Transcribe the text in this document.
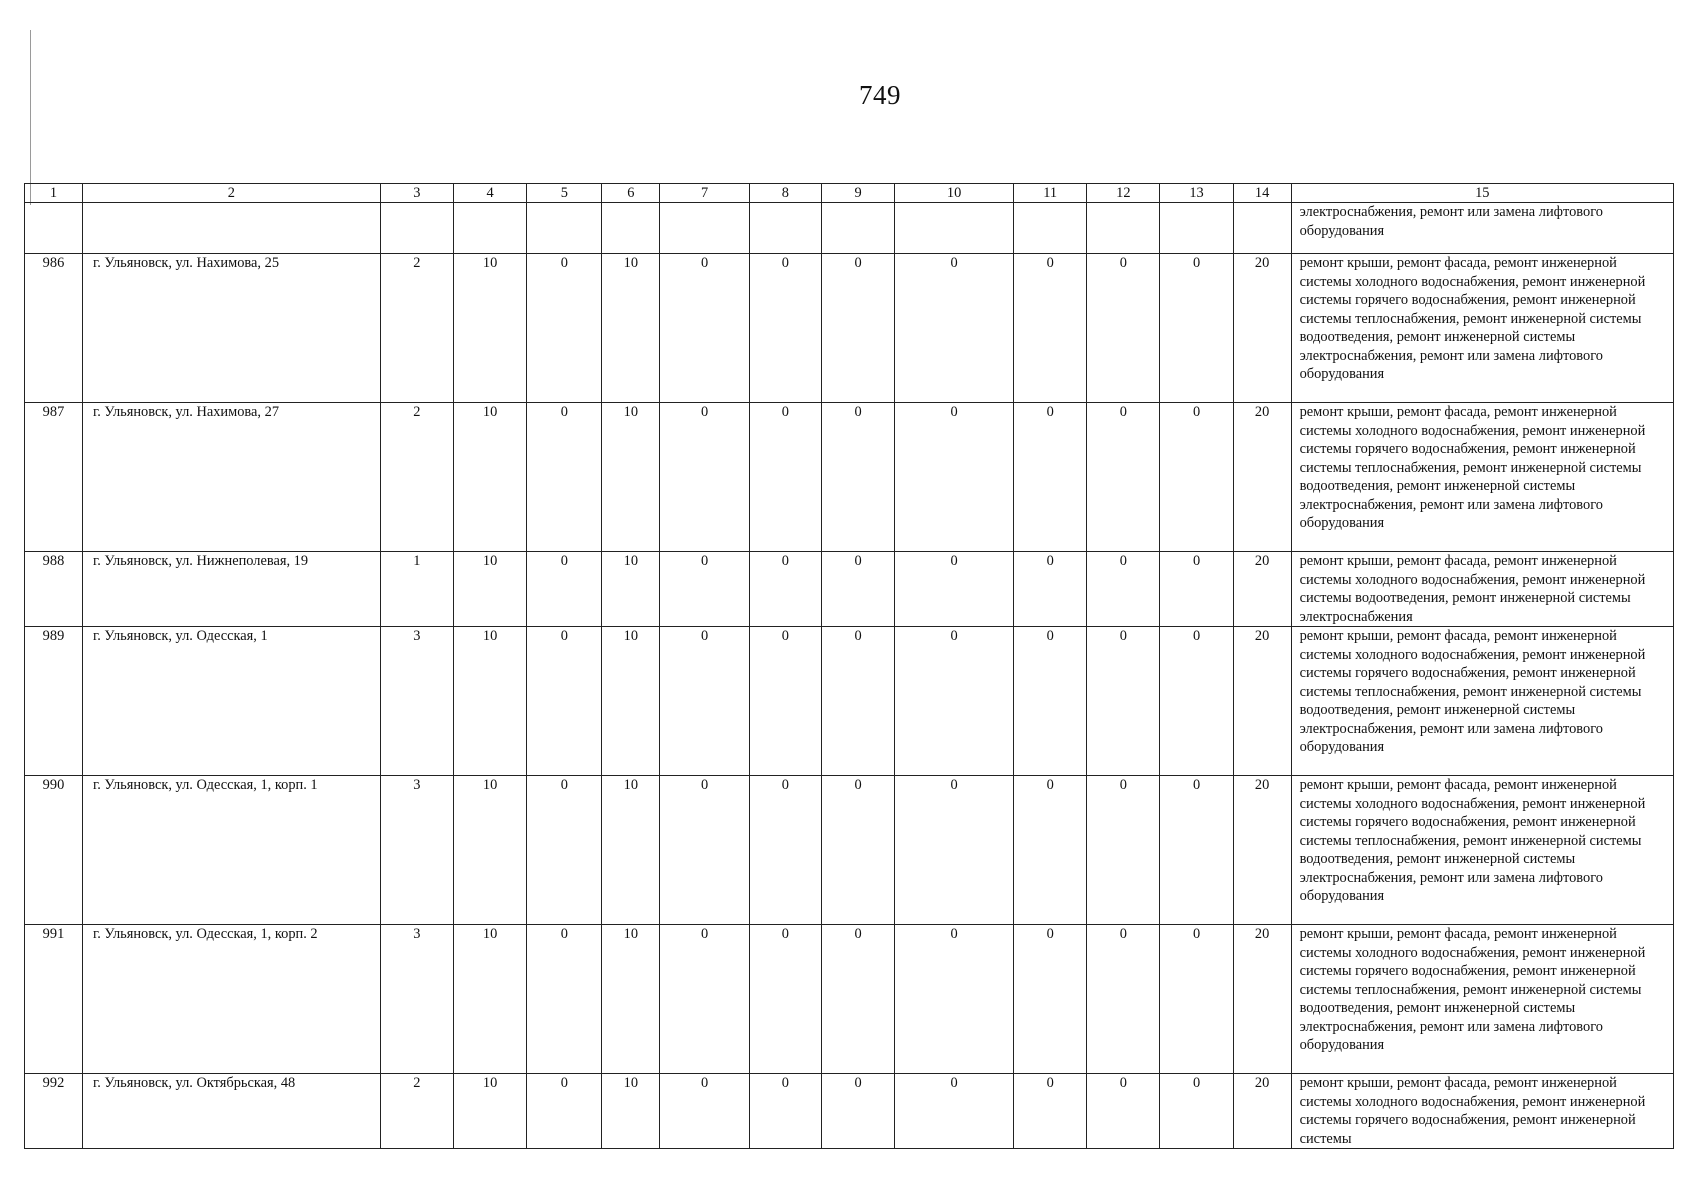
749
1	2	3	4	5	6	7	8	9	10	11	12	13	14	15
														электроснабжения, ремонт или замена лифтового оборудования
986	г. Ульяновск, ул. Нахимова, 25	2	10	0	10	0	0	0	0	0	0	0	20	ремонт крыши, ремонт фасада, ремонт инженерной системы холодного водоснабжения, ремонт инженерной системы горячего водоснабжения, ремонт инженерной системы теплоснабжения, ремонт инженерной системы водоотведения, ремонт инженерной системы электроснабжения, ремонт или замена лифтового оборудования
987	г. Ульяновск, ул. Нахимова, 27	2	10	0	10	0	0	0	0	0	0	0	20	ремонт крыши, ремонт фасада, ремонт инженерной системы холодного водоснабжения, ремонт инженерной системы горячего водоснабжения, ремонт инженерной системы теплоснабжения, ремонт инженерной системы водоотведения, ремонт инженерной системы электроснабжения, ремонт или замена лифтового оборудования
988	г. Ульяновск, ул. Нижнеполевая, 19	1	10	0	10	0	0	0	0	0	0	0	20	ремонт крыши, ремонт фасада, ремонт инженерной системы холодного водоснабжения, ремонт инженерной системы водоотведения, ремонт инженерной системы электроснабжения
989	г. Ульяновск, ул. Одесская, 1	3	10	0	10	0	0	0	0	0	0	0	20	ремонт крыши, ремонт фасада, ремонт инженерной системы холодного водоснабжения, ремонт инженерной системы горячего водоснабжения, ремонт инженерной системы теплоснабжения, ремонт инженерной системы водоотведения, ремонт инженерной системы электроснабжения, ремонт или замена лифтового оборудования
990	г. Ульяновск, ул. Одесская, 1, корп. 1	3	10	0	10	0	0	0	0	0	0	0	20	ремонт крыши, ремонт фасада, ремонт инженерной системы холодного водоснабжения, ремонт инженерной системы горячего водоснабжения, ремонт инженерной системы теплоснабжения, ремонт инженерной системы водоотведения, ремонт инженерной системы электроснабжения, ремонт или замена лифтового оборудования
991	г. Ульяновск, ул. Одесская, 1, корп. 2	3	10	0	10	0	0	0	0	0	0	0	20	ремонт крыши, ремонт фасада, ремонт инженерной системы холодного водоснабжения, ремонт инженерной системы горячего водоснабжения, ремонт инженерной системы теплоснабжения, ремонт инженерной системы водоотведения, ремонт инженерной системы электроснабжения, ремонт или замена лифтового оборудования
992	г. Ульяновск, ул. Октябрьская, 48	2	10	0	10	0	0	0	0	0	0	0	20	ремонт крыши, ремонт фасада, ремонт инженерной системы холодного водоснабжения, ремонт инженерной системы горячего водоснабжения, ремонт инженерной системы
